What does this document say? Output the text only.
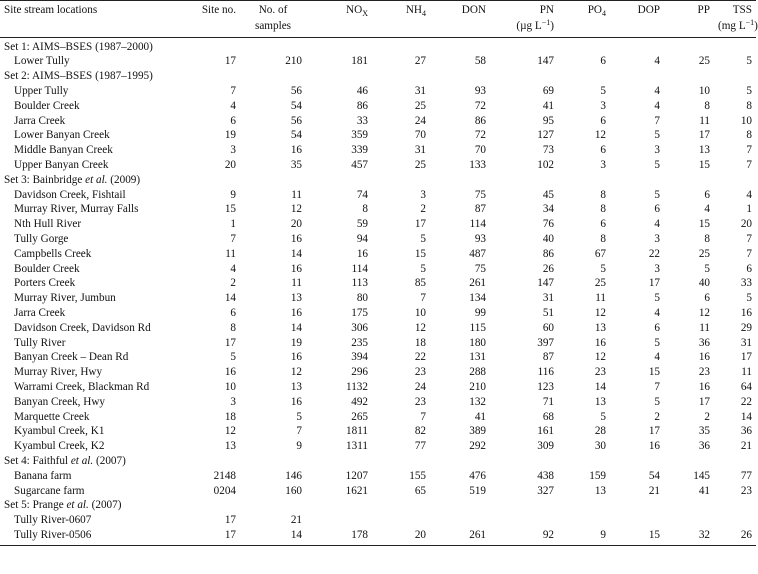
Site stream locations	Site no.	No. of	$NO_X$	$NH_4$	DON	PN	$PO_4$	DOP	PP	TSS
		samples				(µg $L^{-1}$)				(mg $L^{-1}$)
Set 1: AIMS–BSES (1987–2000)										
Lower Tully	17	210	181	27	58	147	6	4	25	5
Set 2: AIMS–BSES (1987–1995)										
Upper Tully	7	56	46	31	93	69	5	4	10	5
Boulder Creek	4	54	86	25	72	41	3	4	8	8
Jarra Creek	6	56	33	24	86	95	6	7	11	10
Lower Banyan Creek	19	54	359	70	72	127	12	5	17	8
Middle Banyan Creek	3	16	339	31	70	73	6	3	13	7
Upper Banyan Creek	20	35	457	25	133	102	3	5	15	7
Set 3: Bainbridge et al. (2009)										
Davidson Creek, Fishtail	9	11	74	3	75	45	8	5	6	4
Murray River, Murray Falls	15	12	8	2	87	34	8	6	4	1
Nth Hull River	1	20	59	17	114	76	6	4	15	20
Tully Gorge	7	16	94	5	93	40	8	3	8	7
Campbells Creek	11	14	16	15	487	86	67	22	25	7
Boulder Creek	4	16	114	5	75	26	5	3	5	6
Porters Creek	2	11	113	85	261	147	25	17	40	33
Murray River, Jumbun	14	13	80	7	134	31	11	5	6	5
Jarra Creek	6	16	175	10	99	51	12	4	12	16
Davidson Creek, Davidson Rd	8	14	306	12	115	60	13	6	11	29
Tully River	17	19	235	18	180	397	16	5	36	31
Banyan Creek – Dean Rd	5	16	394	22	131	87	12	4	16	17
Murray River, Hwy	16	12	296	23	288	116	23	15	23	11
Warrami Creek, Blackman Rd	10	13	1132	24	210	123	14	7	16	64
Banyan Creek, Hwy	3	16	492	23	132	71	13	5	17	22
Marquette Creek	18	5	265	7	41	68	5	2	2	14
Kyambul Creek, K1	12	7	1811	82	389	161	28	17	35	36
Kyambul Creek, K2	13	9	1311	77	292	309	30	16	36	21
Set 4: Faithful et al. (2007)										
Banana farm	2148	146	1207	155	476	438	159	54	145	77
Sugarcane farm	0204	160	1621	65	519	327	13	21	41	23
Set 5: Prange et al. (2007)										
Tully River-0607	17	21								
Tully River-0506	17	14	178	20	261	92	9	15	32	26
